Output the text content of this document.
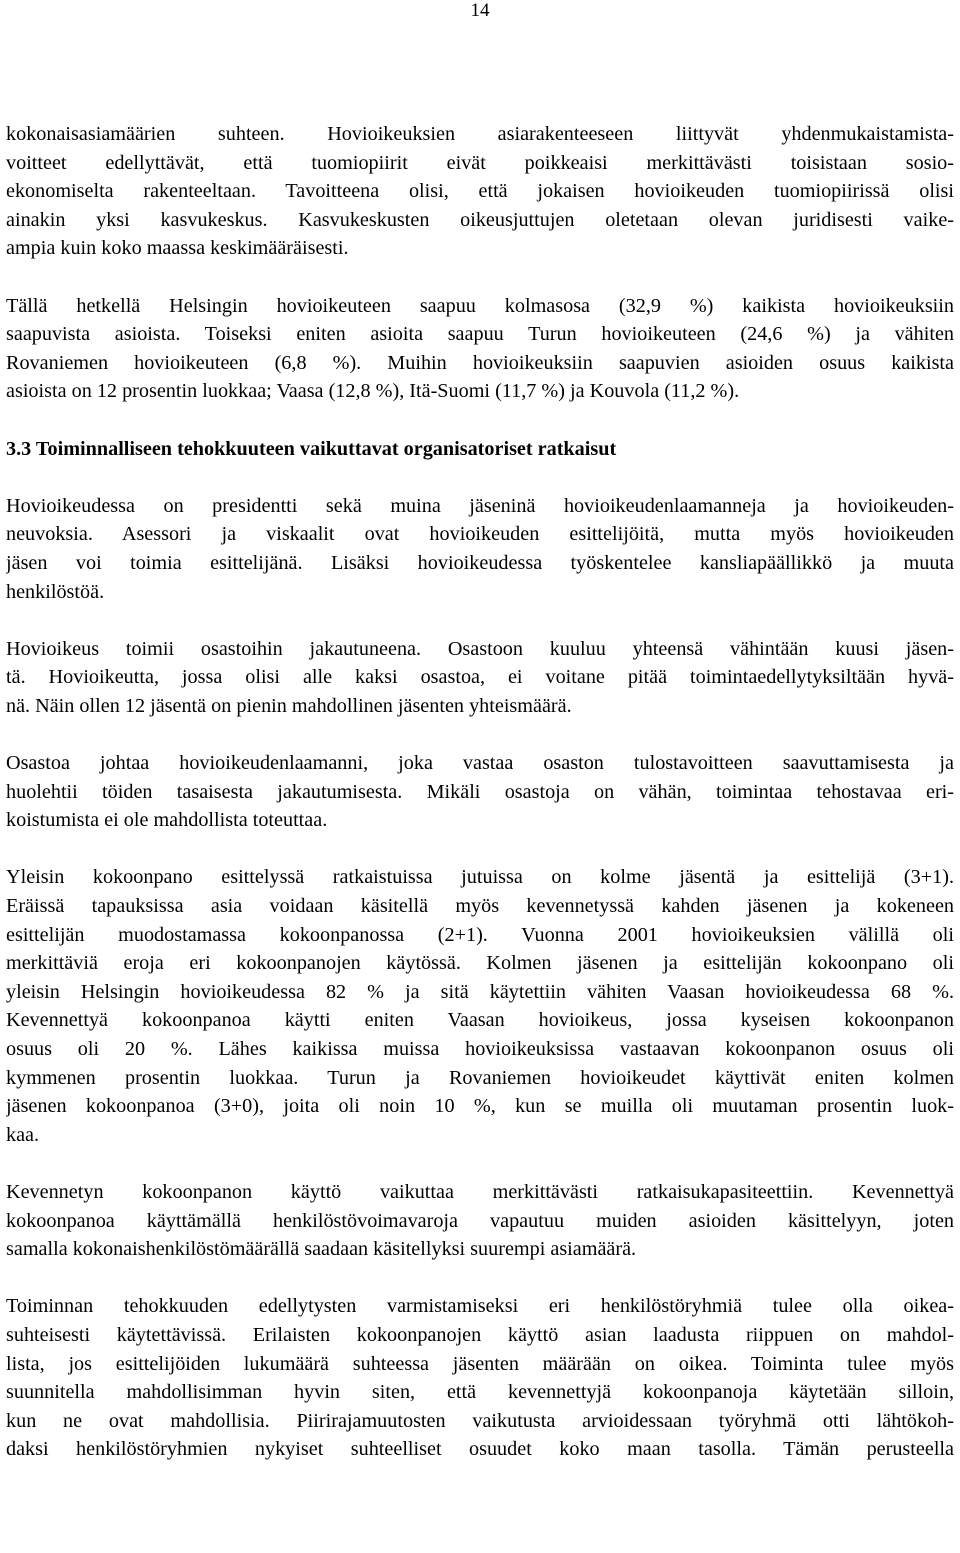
14
kokonaisasiamäärien suhteen. Hovioikeuksien asiarakenteeseen liittyvät yhdenmukaistamista-
voitteet edellyttävät, että tuomiopiirit eivät poikkeaisi merkittävästi toisistaan sosio-
ekonomiselta rakenteeltaan. Tavoitteena olisi, että jokaisen hovioikeuden tuomiopiirissä olisi
ainakin yksi kasvukeskus. Kasvukeskusten oikeusjuttujen oletetaan olevan juridisesti vaike-
ampia kuin koko maassa keskimääräisesti.
Tällä hetkellä Helsingin hovioikeuteen saapuu kolmasosa (32,9 %) kaikista hovioikeuksiin
saapuvista asioista. Toiseksi eniten asioita saapuu Turun hovioikeuteen (24,6 %) ja vähiten
Rovaniemen hovioikeuteen (6,8 %). Muihin hovioikeuksiin saapuvien asioiden osuus kaikista
asioista on 12 prosentin luokkaa; Vaasa (12,8 %), Itä-Suomi (11,7 %) ja Kouvola (11,2 %).
3.3 Toiminnalliseen tehokkuuteen vaikuttavat organisatoriset ratkaisut
Hovioikeudessa on presidentti sekä muina jäseninä hovioikeudenlaamanneja ja hovioikeuden-
neuvoksia. Asessori ja viskaalit ovat hovioikeuden esittelijöitä, mutta myös hovioikeuden
jäsen voi toimia esittelijänä. Lisäksi hovioikeudessa työskentelee kansliapäällikkö ja muuta
henkilöstöä.
Hovioikeus toimii osastoihin jakautuneena. Osastoon kuuluu yhteensä vähintään kuusi jäsen-
tä. Hovioikeutta, jossa olisi alle kaksi osastoa, ei voitane pitää toimintaedellytyksiltään hyvä-
nä. Näin ollen 12 jäsentä on pienin mahdollinen jäsenten yhteismäärä.
Osastoa johtaa hovioikeudenlaamanni, joka vastaa osaston tulostavoitteen saavuttamisesta ja
huolehtii töiden tasaisesta jakautumisesta. Mikäli osastoja on vähän, toimintaa tehostavaa eri-
koistumista ei ole mahdollista toteuttaa.
Yleisin kokoonpano esittelyssä ratkaistuissa jutuissa on kolme jäsentä ja esittelijä (3+1).
Eräissä tapauksissa asia voidaan käsitellä myös kevennetyssä kahden jäsenen ja kokeneen
esittelijän muodostamassa kokoonpanossa (2+1). Vuonna 2001 hovioikeuksien välillä oli
merkittäviä eroja eri kokoonpanojen käytössä. Kolmen jäsenen ja esittelijän kokoonpano oli
yleisin Helsingin hovioikeudessa 82 % ja sitä käytettiin vähiten Vaasan hovioikeudessa 68 %.
Kevennettyä kokoonpanoa käytti eniten Vaasan hovioikeus, jossa kyseisen kokoonpanon
osuus oli 20 %. Lähes kaikissa muissa hovioikeuksissa vastaavan kokoonpanon osuus oli
kymmenen prosentin luokkaa. Turun ja Rovaniemen hovioikeudet käyttivät eniten kolmen
jäsenen kokoonpanoa (3+0), joita oli noin 10 %, kun se muilla oli muutaman prosentin luok-
kaa.
Kevennetyn kokoonpanon käyttö vaikuttaa merkittävästi ratkaisukapasiteettiin. Kevennettyä
kokoonpanoa käyttämällä henkilöstövoimavaroja vapautuu muiden asioiden käsittelyyn, joten
samalla kokonaishenkilöstömäärällä saadaan käsitellyksi suurempi asiamäärä.
Toiminnan tehokkuuden edellytysten varmistamiseksi eri henkilöstöryhmiä tulee olla oikea-
suhteisesti käytettävissä. Erilaisten kokoonpanojen käyttö asian laadusta riippuen on mahdol-
lista, jos esittelijöiden lukumäärä suhteessa jäsenten määrään on oikea. Toiminta tulee myös
suunnitella mahdollisimman hyvin siten, että kevennettyjä kokoonpanoja käytetään silloin,
kun ne ovat mahdollisia. Piirirajamuutosten vaikutusta arvioidessaan työryhmä otti lähtökoh-
daksi henkilöstöryhmien nykyiset suhteelliset osuudet koko maan tasolla. Tämän perusteella
